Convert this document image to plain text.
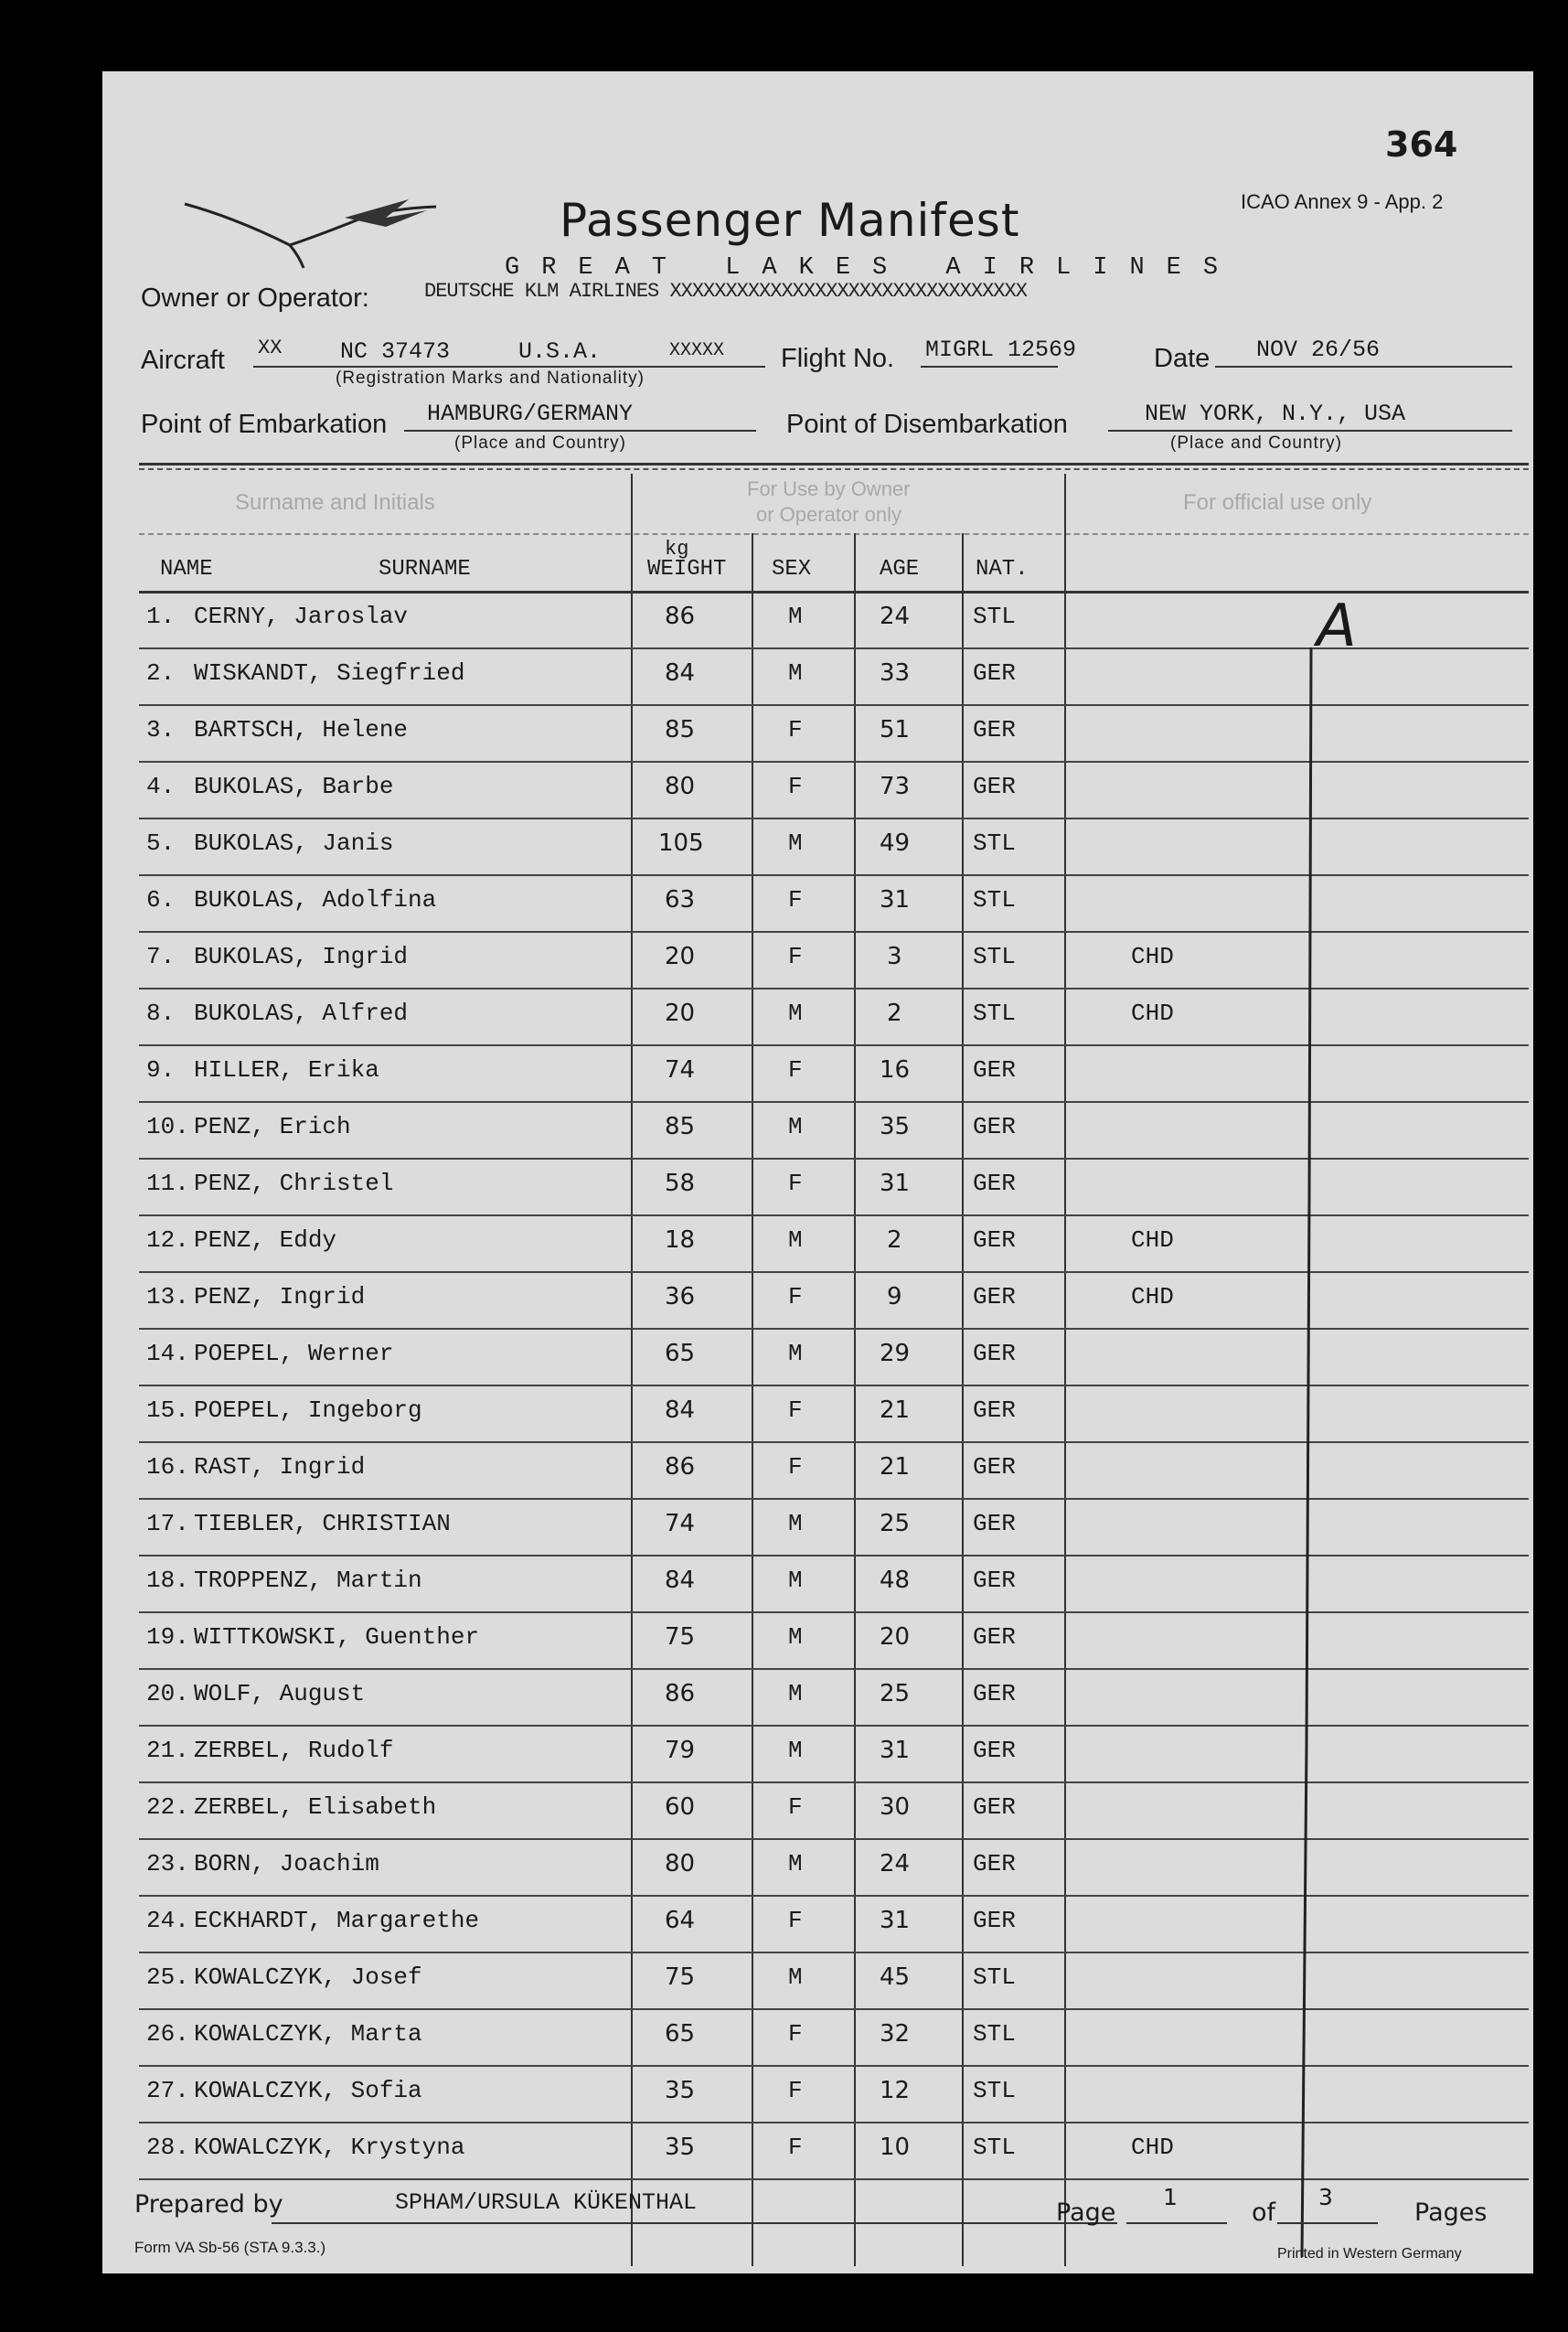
364
ICAO Annex 9 - App. 2
Passenger Manifest
Owner or Operator:
GREAT LAKES AIRLINES
DEUTSCHE KLM AIRLINES XXXXXXXXXXXXXXXXXXXXXXXXXXXXXXXX
Aircraft XX	NC 37473	U.S.A.	XXXXX
(Registration Marks and Nationality)
Flight No. MIGRL 12569	Date NOV 26/56
Point of Embarkation HAMBURG/GERMANY
(Place and Country)
Point of Disembarkation	NEW YORK, N.Y., USA
(Place and Country)
Surname and Initials
For Use by Owner
or Operator only	For official use only
NAME	SURNAME
kg
WEIGHT SEX	AGE	NAT.
1. CERNY, Jaroslav	86	M	24	STL
2. WISKANDT, Siegfried	84	M	33	GER
3. BARTSCH, Helene	85	F	51	GER
4. BUKOLAS, Barbe	80	F	73	GER
5. BUKOLAS, Janis	105	M	49	STL
6. BUKOLAS, Adolfina	63	F	31	STL
7. BUKOLAS, Ingrid	20	F	3	STL	CHD
8. BUKOLAS, Alfred	20	M	2	STL	CHD
9. HILLER, Erika	74	F	16	GER
10. PENZ, Erich	85	M	35	GER
11. PENZ, Christel	58	F	31	GER
12. PENZ, Eddy	18	M	2	GER	CHD
13. PENZ, Ingrid	36	F	9	GER	CHD
14. POEPEL, Werner	65	M	29	GER
15. POEPEL, Ingeborg	84	F	21	GER
16. RAST, Ingrid	86	F	21	GER
17. TIEBLER, CHRISTIAN	74	M	25	GER
18. TROPPENZ, Martin	84	M	48	GER
19. WITTKOWSKI, Guenther	75	M	20	GER
20. WOLF, August	86	M	25	GER
21. ZERBEL, Rudolf	79	M	31	GER
22. ZERBEL, Elisabeth	60	F	30	GER
23. BORN, Joachim	80	M	24	GER
24. ECKHARDT, Margarethe	64	F	31	GER
25. KOWALCZYK, Josef	75	M	45	STL
26. KOWALCZYK, Marta	65	F	32	STL
27. KOWALCZYK, Sofia	35	F	12	STL
28. KOWALCZYK, Krystyna	35	F	10	STL	CHD
A
Prepared by	SPHAM/URSULA KÜKENTHAL	Page
1
of
3
Pages
Form VA Sb-56 (STA 9.3.3.)	Printed in Western Germany
